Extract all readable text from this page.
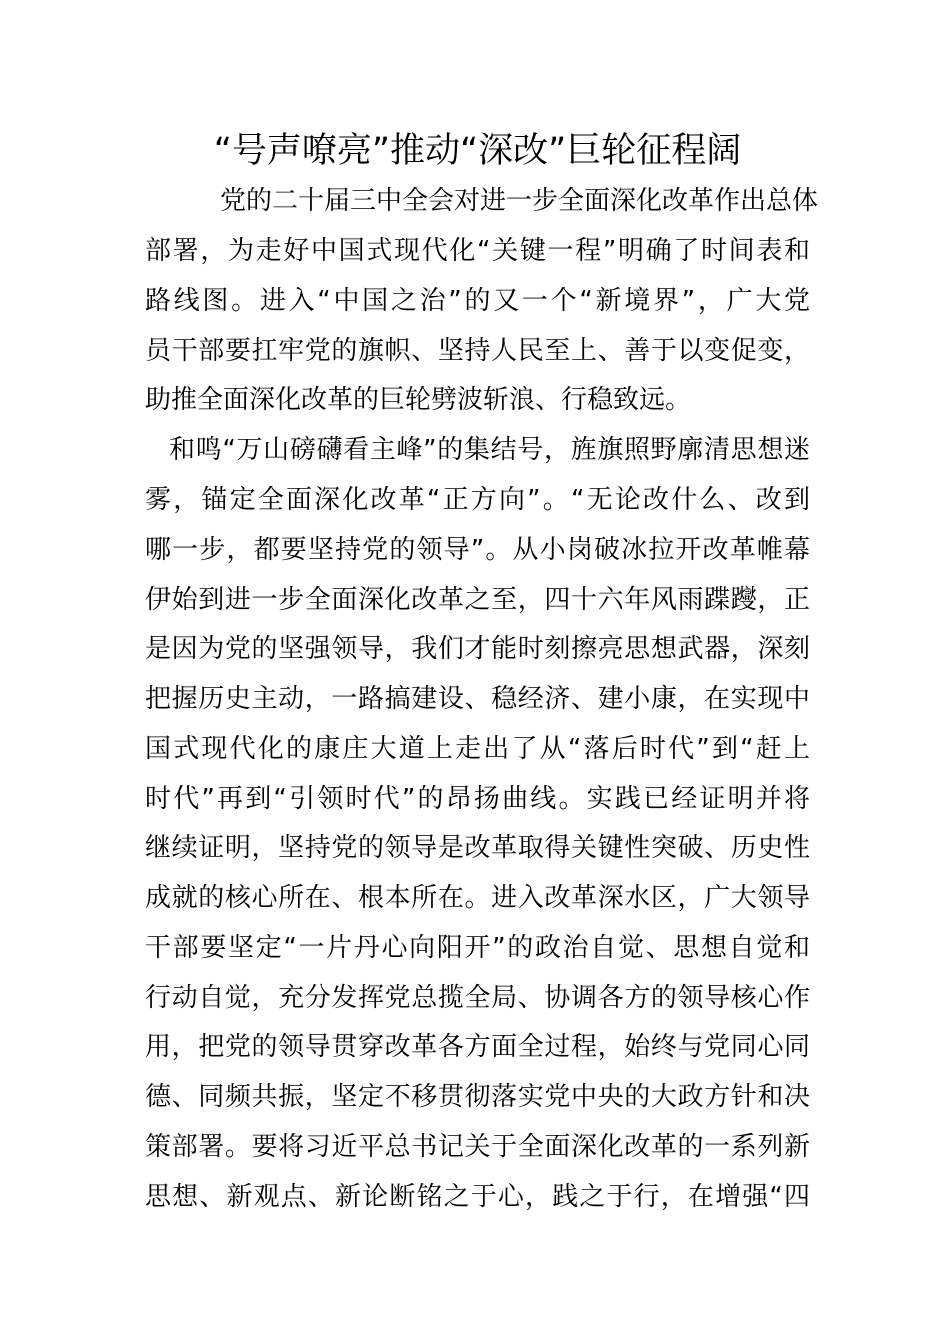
“号声嘹亮”推动“深改”巨轮征程阔
党的二十届三中全会对进一步全面深化改革作出总体
部署，为走好中国式现代化“关键一程”明确了时间表和
路线图。进入“中国之治”的又一个“新境界”，广大党
员干部要扛牢党的旗帜、坚持人民至上、善于以变促变，
助推全面深化改革的巨轮劈波斩浪、行稳致远。
和鸣“万山磅礴看主峰”的集结号，旌旗照野廓清思想迷
雾，锚定全面深化改革“正方向”。“无论改什么、改到
哪一步，都要坚持党的领导”。从小岗破冰拉开改革帷幕
伊始到进一步全面深化改革之至，四十六年风雨蹀躞，正
是因为党的坚强领导，我们才能时刻擦亮思想武器，深刻
把握历史主动，一路搞建设、稳经济、建小康，在实现中
国式现代化的康庄大道上走出了从“落后时代”到“赶上
时代”再到“引领时代”的昂扬曲线。实践已经证明并将
继续证明，坚持党的领导是改革取得关键性突破、历史性
成就的核心所在、根本所在。进入改革深水区，广大领导
干部要坚定“一片丹心向阳开”的政治自觉、思想自觉和
行动自觉，充分发挥党总揽全局、协调各方的领导核心作
用，把党的领导贯穿改革各方面全过程，始终与党同心同
德、同频共振，坚定不移贯彻落实党中央的大政方针和决
策部署。要将习近平总书记关于全面深化改革的一系列新
思想、新观点、新论断铭之于心，践之于行，在增强“四
